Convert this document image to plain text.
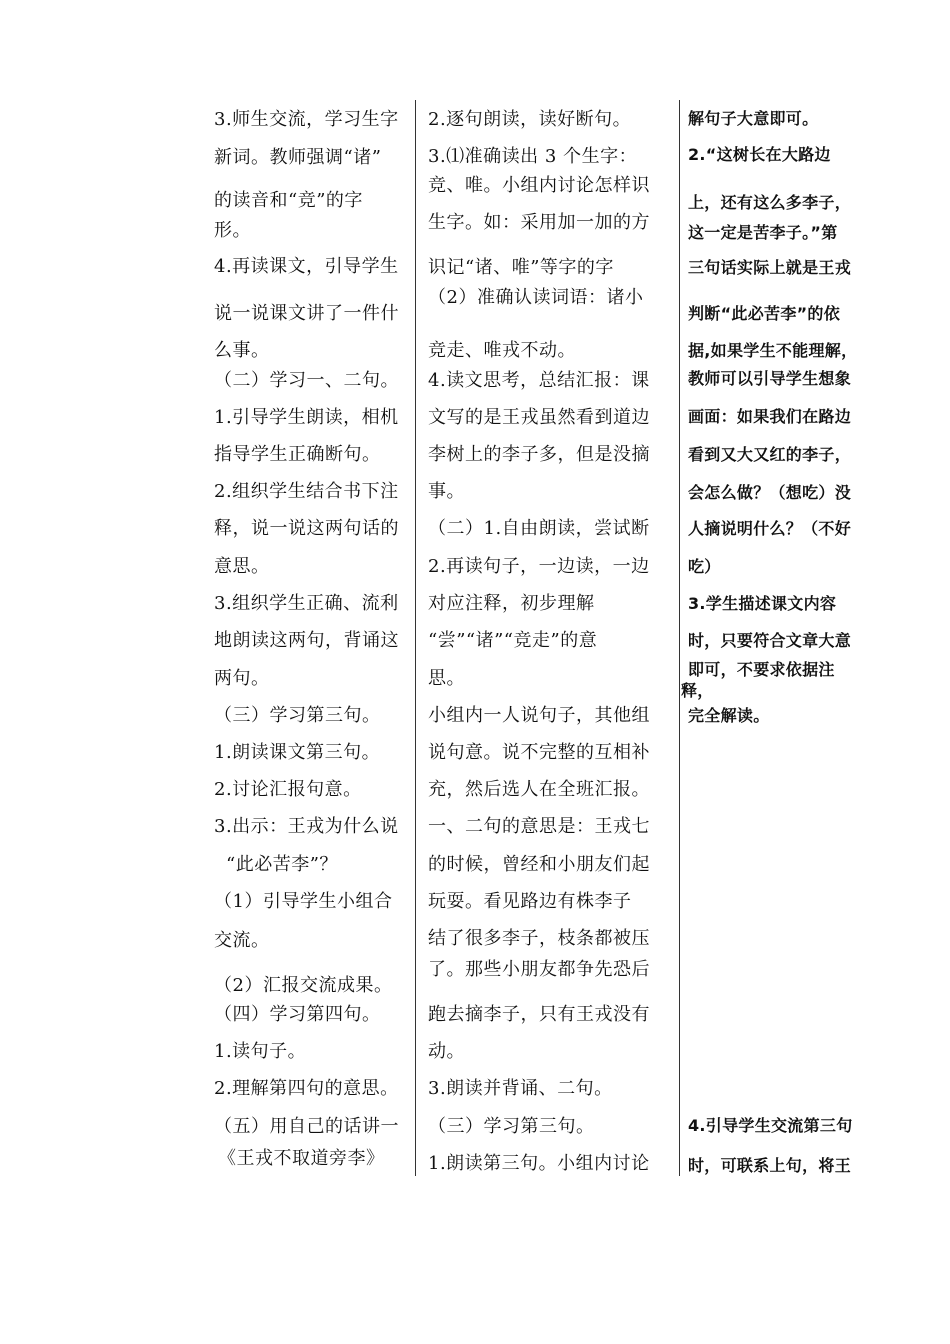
3.师生交流，学习生字
新词。教师强调“诸”
的读音和“竞”的字
形。
4.再读课文，引导学生
说一说课文讲了一件什
么事。
（二）学习一、二句。
1.引导学生朗读，相机
指导学生正确断句。
2.组织学生结合书下注
释，说一说这两句话的
意思。
3.组织学生正确、流利
地朗读这两句，背诵这
两句。
（三）学习第三句。
1.朗读课文第三句。
2.讨论汇报句意。
3.出示：王戎为什么说
“此必苦李”？
（1）引导学生小组合
交流。
（2）汇报交流成果。
（四）学习第四句。
1.读句子。
2.理解第四句的意思。
（五）用自己的话讲一
《王戎不取道旁李》
2.逐句朗读，读好断句。
3.⑴准确读出 3 个生字：
竞、唯。小组内讨论怎样识
生字。如：采用加一加的方
识记“诸、唯”等字的字
（2）准确认读词语：诸小
竞走、唯戎不动。
4.读文思考，总结汇报：课
文写的是王戎虽然看到道边
李树上的李子多，但是没摘
事。
（二）1.自由朗读，尝试断
2.再读句子，一边读，一边
对应注释，初步理解
“尝”“诸”“竞走”的意
思。
小组内一人说句子，其他组
说句意。说不完整的互相补
充，然后选人在全班汇报。
一、二句的意思是：王戎七
的时候，曾经和小朋友们起
玩耍。看见路边有株李子
结了很多李子，枝条都被压
了。那些小朋友都争先恐后
跑去摘李子，只有王戎没有
动。
3.朗读并背诵、二句。
（三）学习第三句。
1.朗读第三句。小组内讨论
解句子大意即可。
2.“这树长在大路边
上，还有这么多李子，
这一定是苦李子。”第
三句话实际上就是王戎
判断“此必苦李”的依
据,如果学生不能理解，
教师可以引导学生想象
画面：如果我们在路边
看到又大又红的李子，
会怎么做？（想吃）没
人摘说明什么？（不好
吃）
3.学生描述课文内容
时，只要符合文章大意
即可，不要求依据注
释，
完全解读。
4.引导学生交流第三句
时，可联系上句，将王
